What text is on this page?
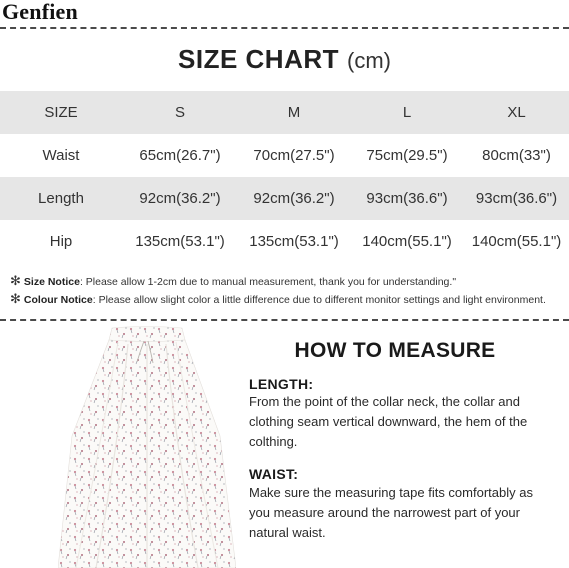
Genfien
SIZE CHART (cm)
SIZE	S	M	L	XL
Waist	65cm(26.7")	70cm(27.5")	75cm(29.5")	80cm(33")
Length	92cm(36.2")	92cm(36.2")	93cm(36.6")	93cm(36.6")
Hip	135cm(53.1")	135cm(53.1")	140cm(55.1")	140cm(55.1")
✻ Size Notice: Please allow 1-2cm due to manual measurement, thank you for understanding."
✻ Colour Notice: Please allow slight color a little difference due to different monitor settings and light environment.
HOW TO MEASURE
LENGTH:
From the point of the collar neck, the collar and clothing seam vertical downward, the hem of the colthing.
WAIST:
Make sure the measuring tape fits comfortably as you measure around the narrowest part of your natural waist.
